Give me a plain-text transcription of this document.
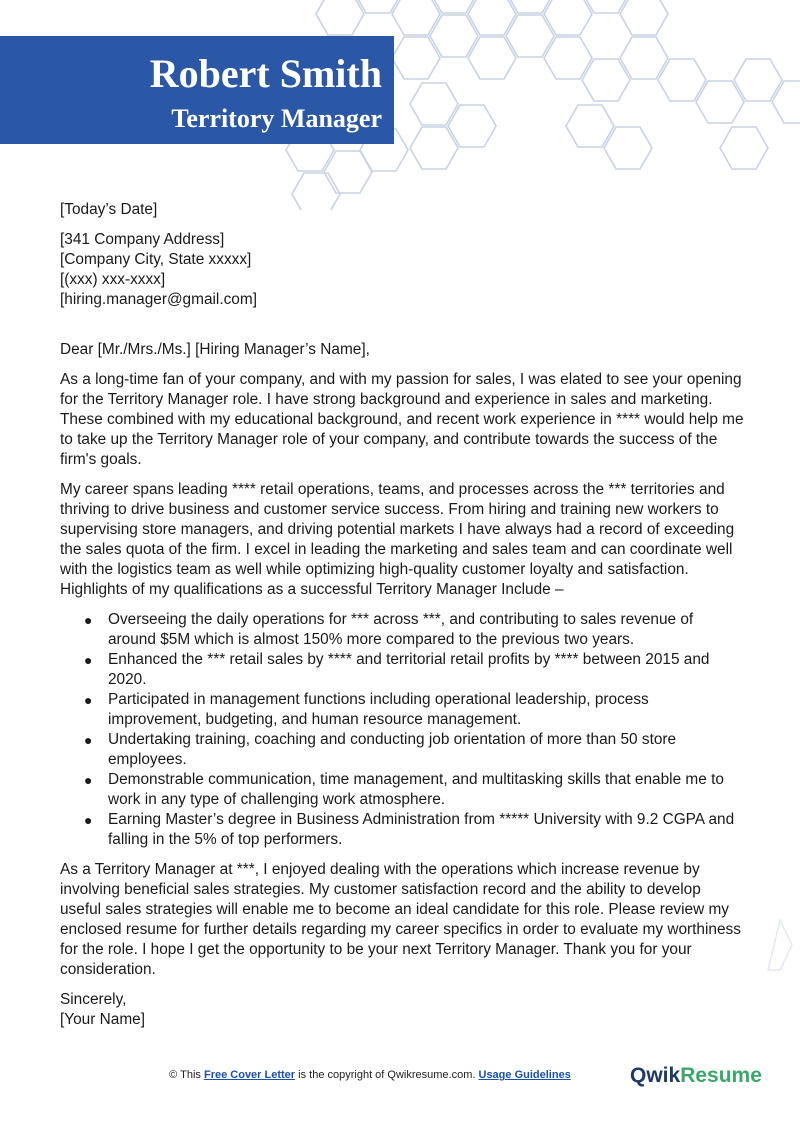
Robert Smith
Territory Manager
[Today’s Date]
[341 Company Address]
[Company City, State xxxxx]
[(xxx) xxx-xxxx]
[hiring.manager@gmail.com]
Dear [Mr./Mrs./Ms.] [Hiring Manager’s Name],
As a long-time fan of your company, and with my passion for sales, I was elated to see your opening
for the Territory Manager role. I have strong background and experience in sales and marketing.
These combined with my educational background, and recent work experience in **** would help me
to take up the Territory Manager role of your company, and contribute towards the success of the
firm's goals.
My career spans leading **** retail operations, teams, and processes across the *** territories and
thriving to drive business and customer service success. From hiring and training new workers to
supervising store managers, and driving potential markets I have always had a record of exceeding
the sales quota of the firm. I excel in leading the marketing and sales team and can coordinate well
with the logistics team as well while optimizing high-quality customer loyalty and satisfaction.
Highlights of my qualifications as a successful Territory Manager Include –
● Overseeing the daily operations for *** across ***, and contributing to sales revenue of
around $5M which is almost 150% more compared to the previous two years.
● Enhanced the *** retail sales by **** and territorial retail profits by **** between 2015 and
2020.
● Participated in management functions including operational leadership, process
improvement, budgeting, and human resource management.
● Undertaking training, coaching and conducting job orientation of more than 50 store
employees.
● Demonstrable communication, time management, and multitasking skills that enable me to
work in any type of challenging work atmosphere.
● Earning Master’s degree in Business Administration from ***** University with 9.2 CGPA and
falling in the 5% of top performers.
As a Territory Manager at ***, I enjoyed dealing with the operations which increase revenue by
involving beneficial sales strategies. My customer satisfaction record and the ability to develop
useful sales strategies will enable me to become an ideal candidate for this role. Please review my
enclosed resume for further details regarding my career specifics in order to evaluate my worthiness
for the role. I hope I get the opportunity to be your next Territory Manager. Thank you for your
consideration.
Sincerely,
[Your Name]
© This Free Cover Letter is the copyright of Qwikresume.com. Usage Guidelines	QwikResume
